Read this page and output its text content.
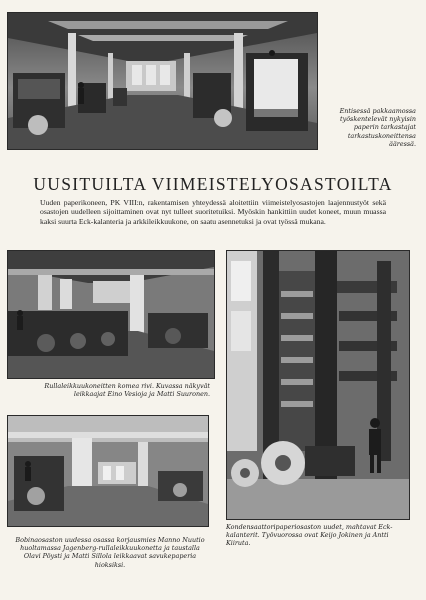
Entisessä pakkaamossa työskentelevät nykyisin paperin tarkastajat tarkastuskoneittensa ääressä.
UUSITUILTA VIIMEISTELYOSASTOILTA
Uuden paperikoneen, PK VIII:n, rakentamisen yhteydessä aloitettiin viimeistelyosastojen laajennustyöt sekä osastojen uudelleen sijoittaminen ovat nyt tulleet suoritetuiksi. Myöskin hankittiin uudet koneet, muun muassa kaksi suurta Eck-kalanteria ja arkkileikkuukone, on saatu asennetuksi ja ovat työssä mukana.
Rullaleikkuukoneitten komea rivi. Kuvassa näkyvät leikkaajat Eino Vesioja ja Matti Suuronen.
Bobinaosaston uudessa osassa korjausmies Manno Nuutio huoltamassa Jagenberg-rullaleikkuukonetta ja taustalla Olavi Pöysti ja Matti Sillola leikkaavat savukepaperia hioksiksi.
Kondensaattoripaperiosaston uudet, mahtavat Eck-kalanterit. Työvuorossa ovat Keijo Jokinen ja Antti Kiiruta.
